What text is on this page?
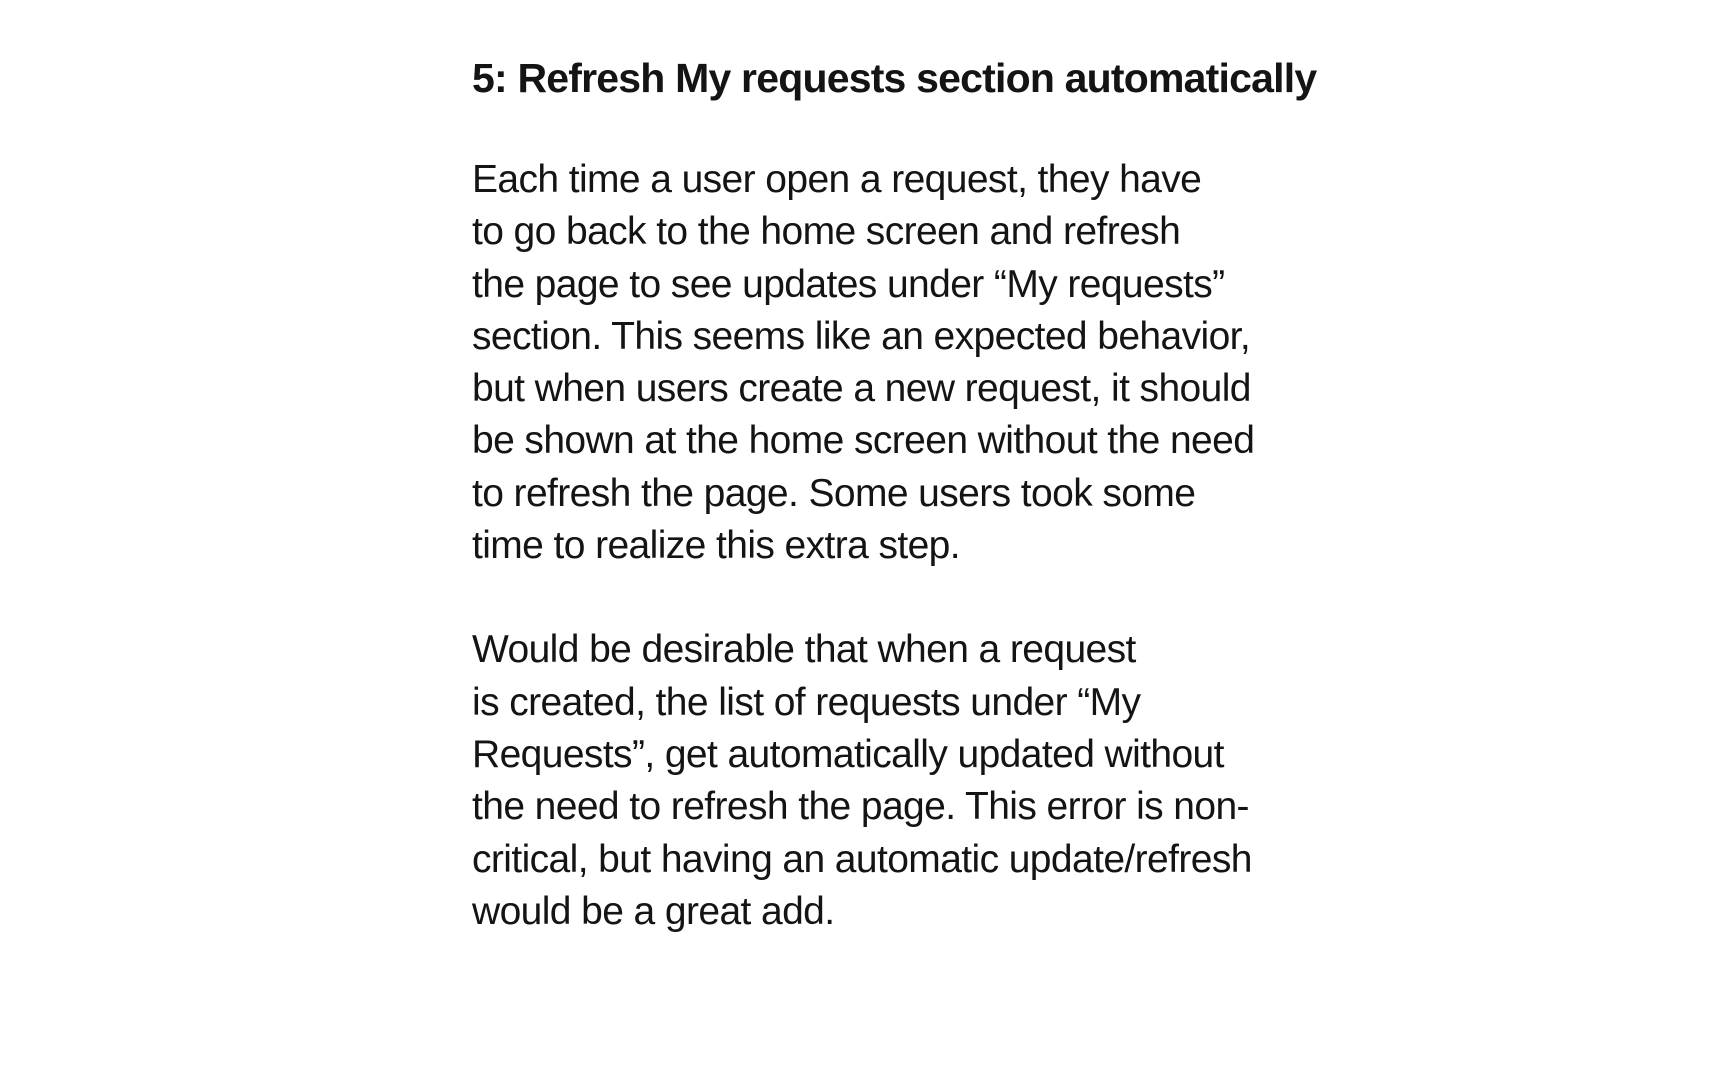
5: Refresh My requests section automatically

Each time a user open a request, they have
to go back to the home screen and refresh
the page to see updates under “My requests”
section. This seems like an expected behavior,
but when users create a new request, it should
be shown at the home screen without the need
to refresh the page. Some users took some
time to realize this extra step.

Would be desirable that when a request
is created, the list of requests under “My
Requests”, get automatically updated without
the need to refresh the page. This error is non-
critical, but having an automatic update/refresh
would be a great add.
